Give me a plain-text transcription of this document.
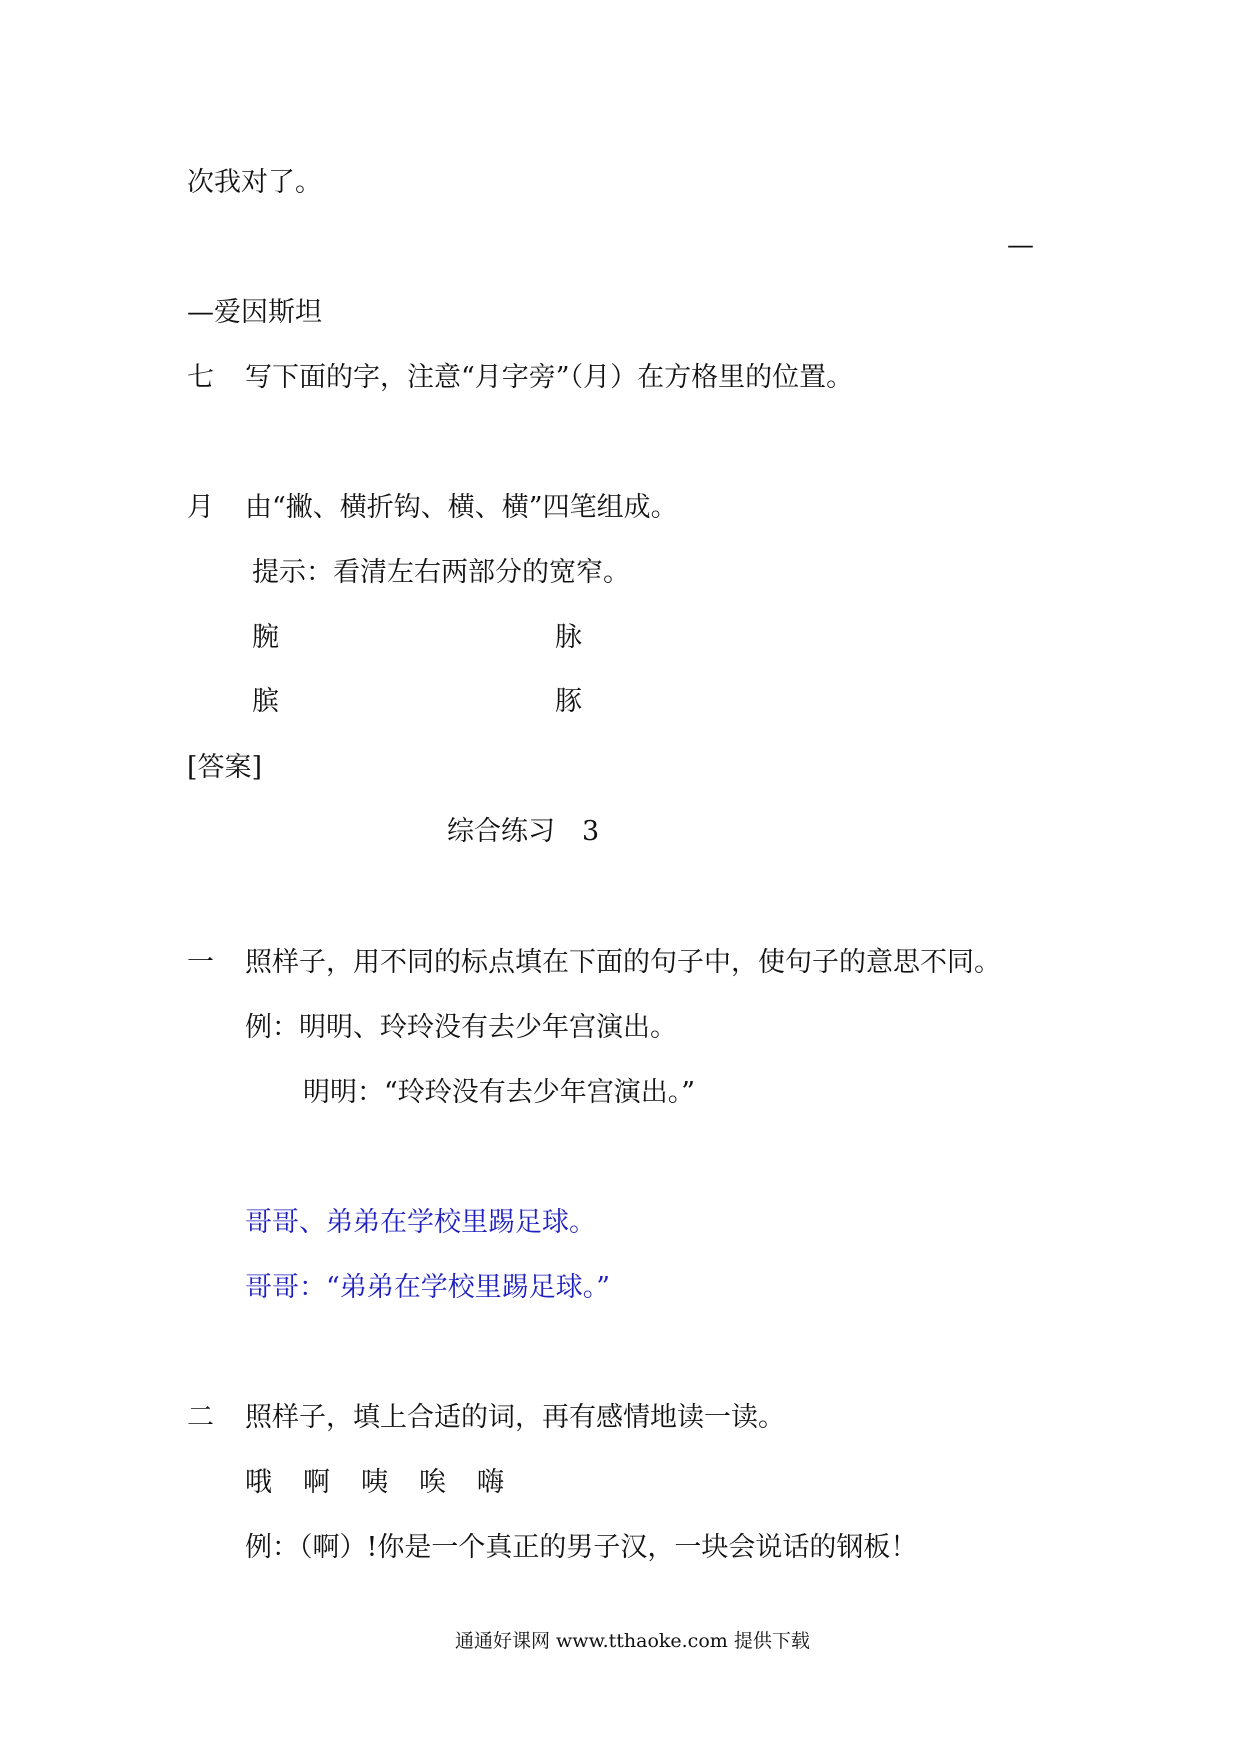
次我对了。
—
—爱因斯坦
七 写下面的字，注意“月字旁”（月）在方格里的位置。
月 由“撇、横折钩、横、横”四笔组成。
提示：看清左右两部分的宽窄。
腕	脉
膑	豚
[答案]
综合练习　3
一 照样子，用不同的标点填在下面的句子中，使句子的意思不同。
例：明明、玲玲没有去少年宫演出。
明明：“玲玲没有去少年宫演出。”
哥哥、弟弟在学校里踢足球。
哥哥：“弟弟在学校里踢足球。”
二 照样子，填上合适的词，再有感情地读一读。
哦 啊 咦 唉 嗨
例：（啊）!你是一个真正的男子汉，一块会说话的钢板！
通通好课网 www.tthaoke.com 提供下载
